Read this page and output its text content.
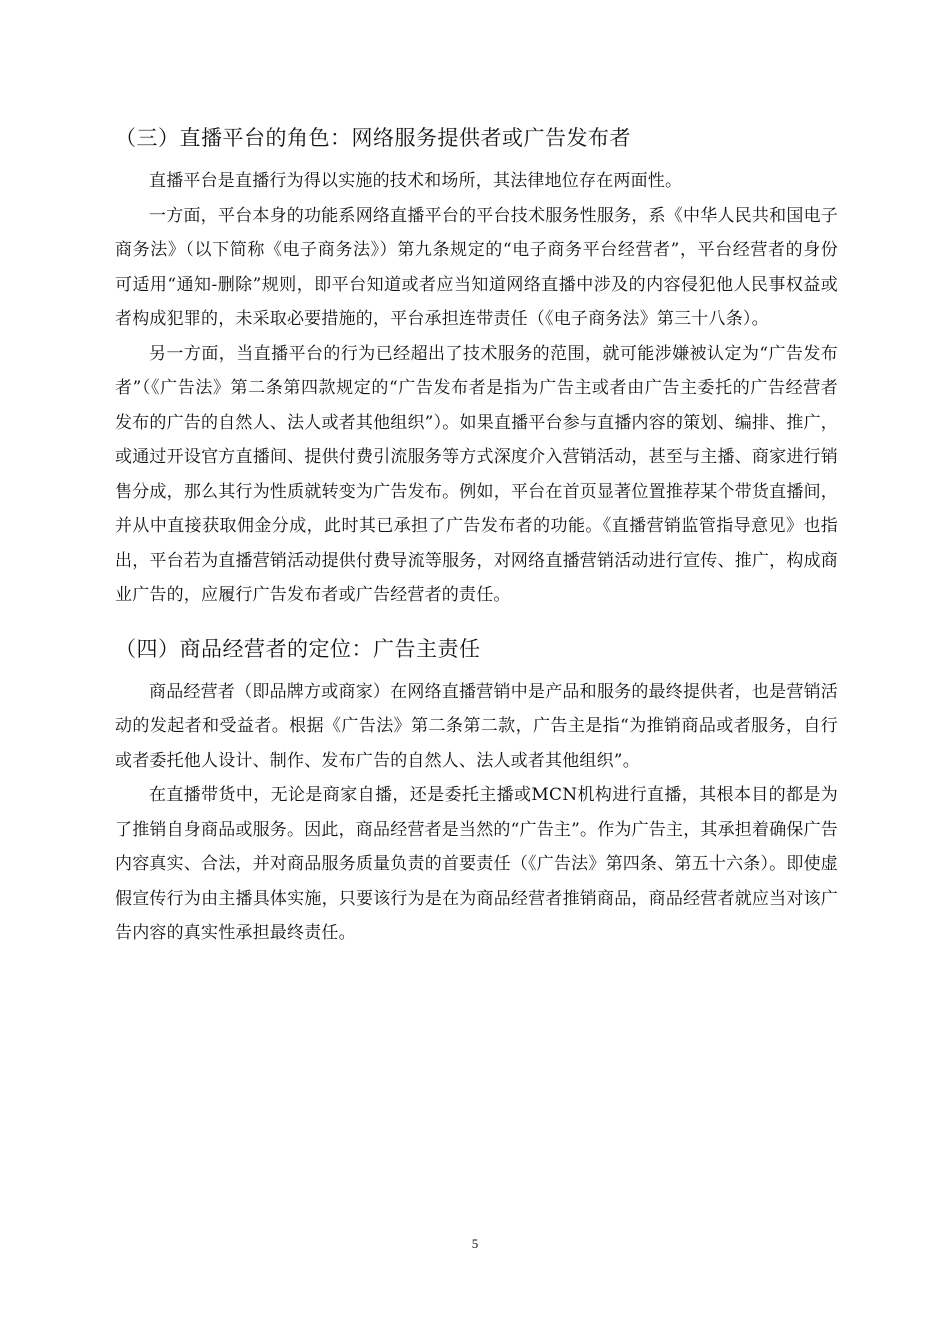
（三）直播平台的角色：网络服务提供者或广告发布者

直播平台是直播行为得以实施的技术和场所，其法律地位存在两面性。

一方面，平台本身的功能系网络直播平台的平台技术服务性服务，系《中华人民共和国电子商务法》（以下简称《电子商务法》）第九条规定的“电子商务平台经营者”，平台经营者的身份可适用“通知-删除”规则，即平台知道或者应当知道网络直播中涉及的内容侵犯他人民事权益或者构成犯罪的，未采取必要措施的，平台承担连带责任（《电子商务法》第三十八条）。

另一方面，当直播平台的行为已经超出了技术服务的范围，就可能涉嫌被认定为“广告发布者”（《广告法》第二条第四款规定的“广告发布者是指为广告主或者由广告主委托的广告经营者发布的广告的自然人、法人或者其他组织”）。如果直播平台参与直播内容的策划、编排、推广，或通过开设官方直播间、提供付费引流服务等方式深度介入营销活动，甚至与主播、商家进行销售分成，那么其行为性质就转变为广告发布。例如，平台在首页显著位置推荐某个带货直播间，并从中直接获取佣金分成，此时其已承担了广告发布者的功能。《直播营销监管指导意见》也指出，平台若为直播营销活动提供付费导流等服务，对网络直播营销活动进行宣传、推广，构成商业广告的，应履行广告发布者或广告经营者的责任。

（四）商品经营者的定位：广告主责任

商品经营者（即品牌方或商家）在网络直播营销中是产品和服务的最终提供者，也是营销活动的发起者和受益者。根据《广告法》第二条第二款，广告主是指“为推销商品或者服务，自行或者委托他人设计、制作、发布广告的自然人、法人或者其他组织”。

在直播带货中，无论是商家自播，还是委托主播或MCN机构进行直播，其根本目的都是为了推销自身商品或服务。因此，商品经营者是当然的“广告主”。作为广告主，其承担着确保广告内容真实、合法，并对商品服务质量负责的首要责任（《广告法》第四条、第五十六条）。即使虚假宣传行为由主播具体实施，只要该行为是在为商品经营者推销商品，商品经营者就应当对该广告内容的真实性承担最终责任。

5
